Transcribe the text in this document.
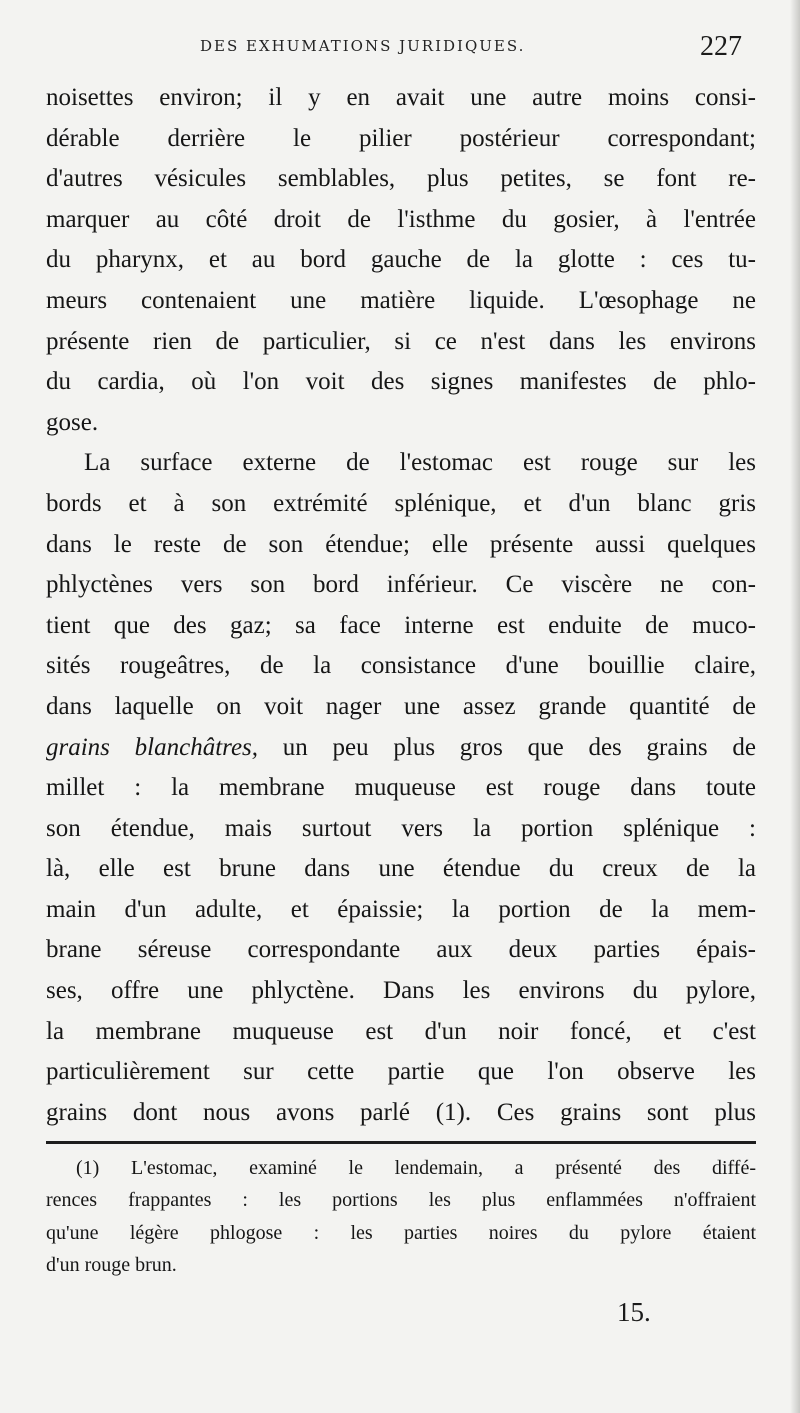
DES EXHUMATIONS JURIDIQUES.	227
noisettes environ; il y en avait une autre moins consi-
dérable derrière le pilier postérieur correspondant;
d'autres vésicules semblables, plus petites, se font re-
marquer au côté droit de l'isthme du gosier, à l'entrée
du pharynx, et au bord gauche de la glotte : ces tu-
meurs contenaient une matière liquide. L'œsophage ne
présente rien de particulier, si ce n'est dans les environs
du cardia, où l'on voit des signes manifestes de phlo-
gose.
La surface externe de l'estomac est rouge sur les
bords et à son extrémité splénique, et d'un blanc gris
dans le reste de son étendue; elle présente aussi quelques
phlyctènes vers son bord inférieur. Ce viscère ne con-
tient que des gaz; sa face interne est enduite de muco-
sités rougeâtres, de la consistance d'une bouillie claire,
dans laquelle on voit nager une assez grande quantité de
grains blanchâtres, un peu plus gros que des grains de
millet : la membrane muqueuse est rouge dans toute
son étendue, mais surtout vers la portion splénique :
là, elle est brune dans une étendue du creux de la
main d'un adulte, et épaissie; la portion de la mem-
brane séreuse correspondante aux deux parties épais-
ses, offre une phlyctène. Dans les environs du pylore,
la membrane muqueuse est d'un noir foncé, et c'est
particulièrement sur cette partie que l'on observe les
grains dont nous avons parlé (1). Ces grains sont plus
(1) L'estomac, examiné le lendemain, a présenté des diffé-
rences frappantes : les portions les plus enflammées n'offraient
qu'une légère phlogose : les parties noires du pylore étaient
d'un rouge brun.
15.
